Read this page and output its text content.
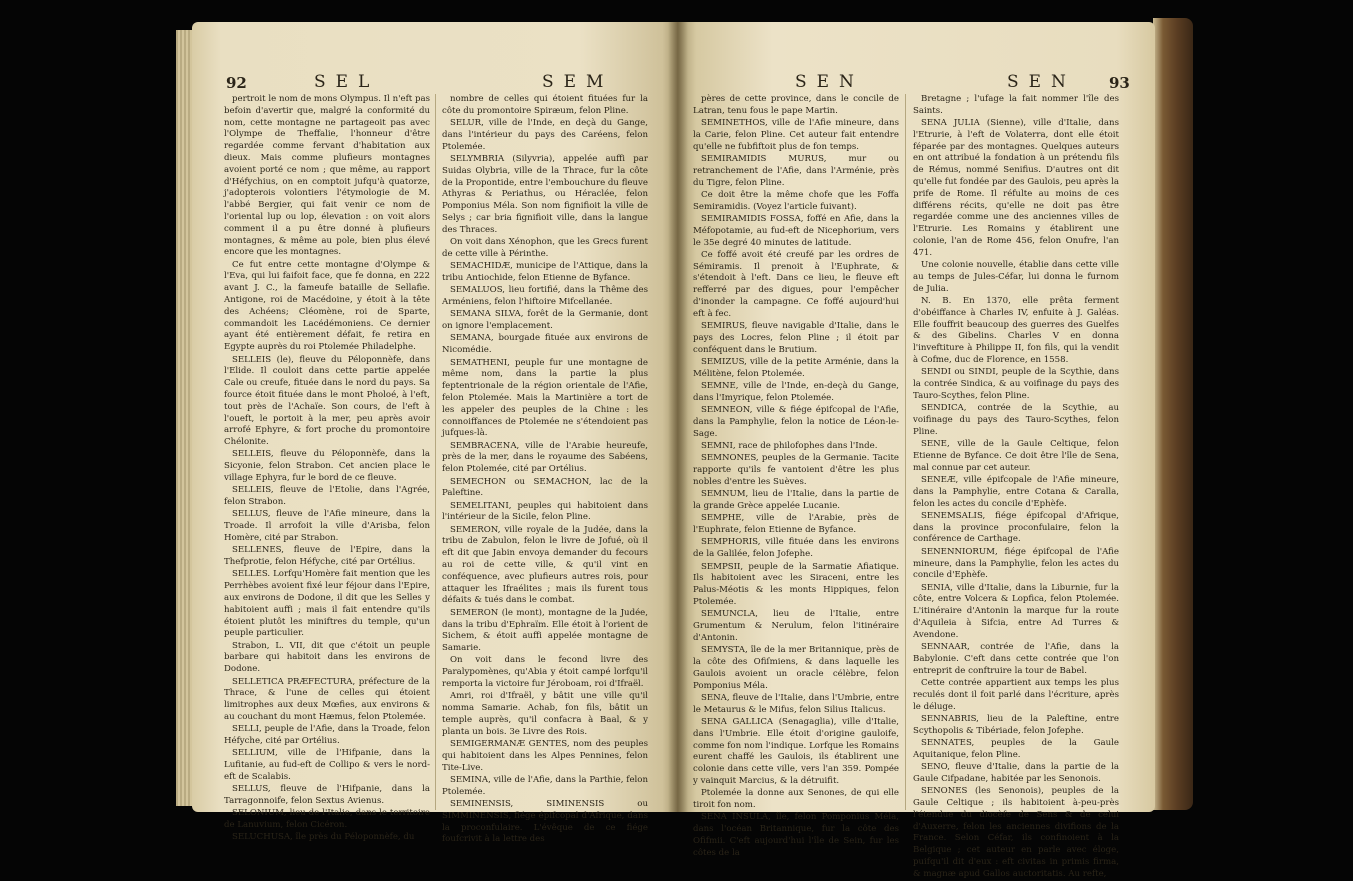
92	SEL	SEM

pertroit le nom de mons Olympus. Il n'eft pas befoin d'avertir que, malgré la conformité du nom, cette montagne ne partageoit pas avec l'Olympe de Theffalie, l'honneur d'être regardée comme fervant d'habitation aux dieux. Mais comme plufieurs montagnes avoient porté ce nom ; que même, au rapport d'Héfychius, on en comptoit jufqu'à quatorze, j'adopterois volontiers l'étymologie de M. l'abbé Bergier, qui fait venir ce nom de l'oriental lup ou lop, élevation : on voit alors comment il a pu être donné à plufieurs montagnes, & même au pole, bien plus élevé encore que les montagnes.

Ce fut entre cette montagne d'Olympe & l'Eva, qui lui faifoit face, que fe donna, en 222 avant J. C., la fameufe bataille de Sellafie. Antigone, roi de Macédoine, y étoit à la tête des Achéens; Cléomène, roi de Sparte, commandoit les Lacédémoniens. Ce dernier ayant été entièrement défait, fe retira en Egypte auprès du roi Ptolemée Philadelphe.

SELLEIS (le), fleuve du Péloponnèfe, dans l'Elide. Il couloit dans cette partie appelée Cale ou creufe, fituée dans le nord du pays. Sa fource étoit fituée dans le mont Pholoé, à l'eft, tout près de l'Achaïe. Son cours, de l'eft à l'oueft, le portoit à la mer, peu après avoir arrofé Ephyre, & fort proche du promontoire Chélonite.

SELLEIS, fleuve du Péloponnèfe, dans la Sicyonie, felon Strabon. Cet ancien place le village Ephyra, fur le bord de ce fleuve.

SELLEIS, fleuve de l'Etolie, dans l'Agrée, felon Strabon.

SELLUS, fleuve de l'Afie mineure, dans la Troade. Il arrofoit la ville d'Arisba, felon Homère, cité par Strabon.

SELLENES, fleuve de l'Epire, dans la Thefprotie, felon Héfyche, cité par Ortélius.

SELLES. Lorfqu'Homère fait mention que les Perrhèbes avoient fixé leur féjour dans l'Epire, aux environs de Dodone, il dit que les Selles y habitoient auffi ; mais il fait entendre qu'ils étoient plutôt les miniftres du temple, qu'un peuple particulier.

Strabon, L. VII, dit que c'étoit un peuple barbare qui habitoit dans les environs de Dodone.

SELLETICA PRÆFECTURA, préfecture de la Thrace, & l'une de celles qui étoient limitrophes aux deux Mœfies, aux environs & au couchant du mont Hæmus, felon Ptolemée.

SELLI, peuple de l'Afie, dans la Troade, felon Héfyche, cité par Ortélius.

SELLIUM, ville de l'Hifpanie, dans la Lufitanie, au fud-eft de Collipo & vers le nord-eft de Scalabis.

SELLUS, fleuve de l'Hifpanie, dans la Tarragonnoife, felon Sextus Avienus.

SELONIUM, lieu de l'Italie, dans le territoire de Lanuvium, felon Cicéron.

SELUCHUSA, île près du Péloponnèfe, du

nombre de celles qui étoient fituées fur la côte du promontoire Spiræum, felon Pline.

SELUR, ville de l'Inde, en deçà du Gange, dans l'intérieur du pays des Caréens, felon Ptolemée.

SELYMBRIA (Silyvria), appelée auffi par Suidas Olybria, ville de la Thrace, fur la côte de la Propontide, entre l'embouchure du fleuve Athyras & Periathus, ou Héraclée, felon Pomponius Méla. Son nom fignifioit la ville de Selys ; car bria fignifioit ville, dans la langue des Thraces.

On voit dans Xénophon, que les Grecs furent de cette ville à Périnthe.

SEMACHIDÆ, municipe de l'Attique, dans la tribu Antiochide, felon Etienne de Byfance.

SEMALUOS, lieu fortifié, dans la Thême des Arméniens, felon l'hiftoire Mifcellanée.

SEMANA SILVA, forêt de la Germanie, dont on ignore l'emplacement.

SEMANA, bourgade fituée aux environs de Nicomédie.

SEMATHENI, peuple fur une montagne de même nom, dans la partie la plus feptentrionale de la région orientale de l'Afie, felon Ptolemée. Mais la Martinière a tort de les appeler des peuples de la Chine : les connoiffances de Ptolemée ne s'étendoient pas jufques-là.

SEMBRACENA, ville de l'Arabie heureufe, près de la mer, dans le royaume des Sabéens, felon Ptolemée, cité par Ortélius.

SEMECHON ou SEMACHON, lac de la Paleftine.

SEMELITANI, peuples qui habitoient dans l'intérieur de la Sicile, felon Pline.

SEMERON, ville royale de la Judée, dans la tribu de Zabulon, felon le livre de Jofué, où il eft dit que Jabin envoya demander du fecours au roi de cette ville, & qu'il vint en conféquence, avec plufieurs autres rois, pour attaquer les Ifraélites ; mais ils furent tous défaits & tués dans le combat.

SEMERON (le mont), montagne de la Judée, dans la tribu d'Ephraïm. Elle étoit à l'orient de Sichem, & étoit auffi appelée montagne de Samarie.

On voit dans le fecond livre des Paralypomènes, qu'Abia y étoit campé lorfqu'il remporta la victoire fur Jéroboam, roi d'Ifraël.

Amri, roi d'Ifraël, y bâtit une ville qu'il nomma Samarie. Achab, fon fils, bâtit un temple auprès, qu'il confacra à Baal, & y planta un bois. 3e Livre des Rois.

SEMIGERMANÆ GENTES, nom des peuples qui habitoient dans les Alpes Pennines, felon Tite-Live.

SEMINA, ville de l'Afie, dans la Parthie, felon Ptolemée.

SEMINENSIS, SIMINENSIS ou SIMMINENSIS, fiége épifcopal d'Afrique, dans la proconfulaire. L'évêque de ce fiége foufcrivit à la lettre des

SEN	SEN 93

pères de cette province, dans le concile de Latran, tenu fous le pape Martin.

SEMINETHOS, ville de l'Afie mineure, dans la Carie, felon Pline. Cet auteur fait entendre qu'elle ne fubfiftoit plus de fon temps.

SEMIRAMIDIS MURUS, mur ou retranchement de l'Afie, dans l'Arménie, près du Tigre, felon Pline.

Ce doit être la même chofe que les Foffa Semiramidis. (Voyez l'article fuivant).

SEMIRAMIDIS FOSSA, foffé en Afie, dans la Méfopotamie, au fud-eft de Nicephorium, vers le 35e degré 40 minutes de latitude.

Ce foffé avoit été creufé par les ordres de Sémiramis. Il prenoit à l'Euphrate, & s'étendoit à l'eft. Dans ce lieu, le fleuve eft refferré par des digues, pour l'empêcher d'inonder la campagne. Ce foffé aujourd'hui eft à fec.

SEMIRUS, fleuve navigable d'Italie, dans le pays des Locres, felon Pline ; il étoit par conféquent dans le Brutium.

SEMIZUS, ville de la petite Arménie, dans la Mélitène, felon Ptolemée.

SEMNE, ville de l'Inde, en-deçà du Gange, dans l'Imyrique, felon Ptolemée.

SEMNEON, ville & fiége épifcopal de l'Afie, dans la Pamphylie, felon la notice de Léon-le-Sage.

SEMNI, race de philofophes dans l'Inde.

SEMNONES, peuples de la Germanie. Tacite rapporte qu'ils fe vantoient d'être les plus nobles d'entre les Suèves.

SEMNUM, lieu de l'Italie, dans la partie de la grande Grèce appelée Lucanie.

SEMPHE, ville de l'Arabie, près de l'Euphrate, felon Etienne de Byfance.

SEMPHORIS, ville fituée dans les environs de la Galilée, felon Jofephe.

SEMPSII, peuple de la Sarmatie Afiatique. Ils habitoient avec les Siraceni, entre les Palus-Méotis & les monts Hippiques, felon Ptolemée.

SEMUNCLA, lieu de l'Italie, entre Grumentum & Nerulum, felon l'itinéraire d'Antonin.

SEMYSTA, île de la mer Britannique, près de la côte des Ofiſmiens, & dans laquelle les Gaulois avoient un oracle célèbre, felon Pomponius Méla.

SENA, fleuve de l'Italie, dans l'Umbrie, entre le Metaurus & le Mifus, felon Silius Italicus.

SENA GALLICA (Senagaglia), ville d'Italie, dans l'Umbrie. Elle étoit d'origine gauloife, comme fon nom l'indique. Lorfque les Romains eurent chaffé les Gaulois, ils établirent une colonie dans cette ville, vers l'an 359. Pompée y vainquit Marcius, & la détruifit.

Ptolemée la donne aux Senones, de qui elle tiroit fon nom.

SENA INSULA, île, felon Pomponius Méla, dans l'océan Britannique, fur la côte des Ofifmii. C'eft aujourd'hui l'île de Sein, fur les côtes de la

Bretagne ; l'ufage la fait nommer l'île des Saints.

SENA JULIA (Sienne), ville d'Italie, dans l'Etrurie, à l'eft de Volaterra, dont elle étoit féparée par des montagnes. Quelques auteurs en ont attribué la fondation à un prétendu fils de Rémus, nommé Senifius. D'autres ont dit qu'elle fut fondée par des Gaulois, peu après la prife de Rome. Il réfulte au moins de ces différens récits, qu'elle ne doit pas être regardée comme une des anciennes villes de l'Etrurie. Les Romains y établirent une colonie, l'an de Rome 456, felon Onufre, l'an 471.

Une colonie nouvelle, établie dans cette ville au temps de Jules-Céfar, lui donna le furnom de Julia.

N. B. En 1370, elle prêta ferment d'obéiffance à Charles IV, enfuite à J. Galéas. Elle fouffrit beaucoup des guerres des Guelfes & des Gibelins. Charles V en donna l'inveftiture à Philippe II, fon fils, qui la vendit à Cofme, duc de Florence, en 1558.

SENDI ou SINDI, peuple de la Scythie, dans la contrée Sindica, & au voifinage du pays des Tauro-Scythes, felon Pline.

SENDICA, contrée de la Scythie, au voifinage du pays des Tauro-Scythes, felon Pline.

SENE, ville de la Gaule Celtique, felon Etienne de Byfance. Ce doit être l'île de Sena, mal connue par cet auteur.

SENEÆ, ville épifcopale de l'Afie mineure, dans la Pamphylie, entre Cotana & Caralla, felon les actes du concile d'Ephèfe.

SENEMSALIS, fiége épifcopal d'Afrique, dans la province proconfulaire, felon la conférence de Carthage.

SENENNIORUM, fiége épifcopal de l'Afie mineure, dans la Pamphylie, felon les actes du concile d'Ephèfe.

SENIA, ville d'Italie, dans la Liburnie, fur la côte, entre Volcera & Lopfica, felon Ptolemée. L'itinéraire d'Antonin la marque fur la route d'Aquileia à Sifcia, entre Ad Turres & Avendone.

SENNAAR, contrée de l'Afie, dans la Babylonie. C'eft dans cette contrée que l'on entreprit de conftruire la tour de Babel.

Cette contrée appartient aux temps les plus reculés dont il foit parlé dans l'écriture, après le déluge.

SENNABRIS, lieu de la Paleftine, entre Scythopolis & Tibériade, felon Jofephe.

SENNATES, peuples de la Gaule Aquitanique, felon Pline.

SENO, fleuve d'Italie, dans la partie de la Gaule Cifpadane, habitée par les Senonois.

SENONES (les Senonois), peuples de la Gaule Celtique ; ils habitoient à-peu-près l'étendue du diocèfe de Sens & de celui d'Auxerre, felon les anciennes divifions de la France. Selon Céfar, ils confinoient à la Belgique ; cet auteur en parle avec éloge, puifqu'il dit d'eux : eft civitas in primis firma, & magnæ apud Gallos auctoritatis. Au refte,
